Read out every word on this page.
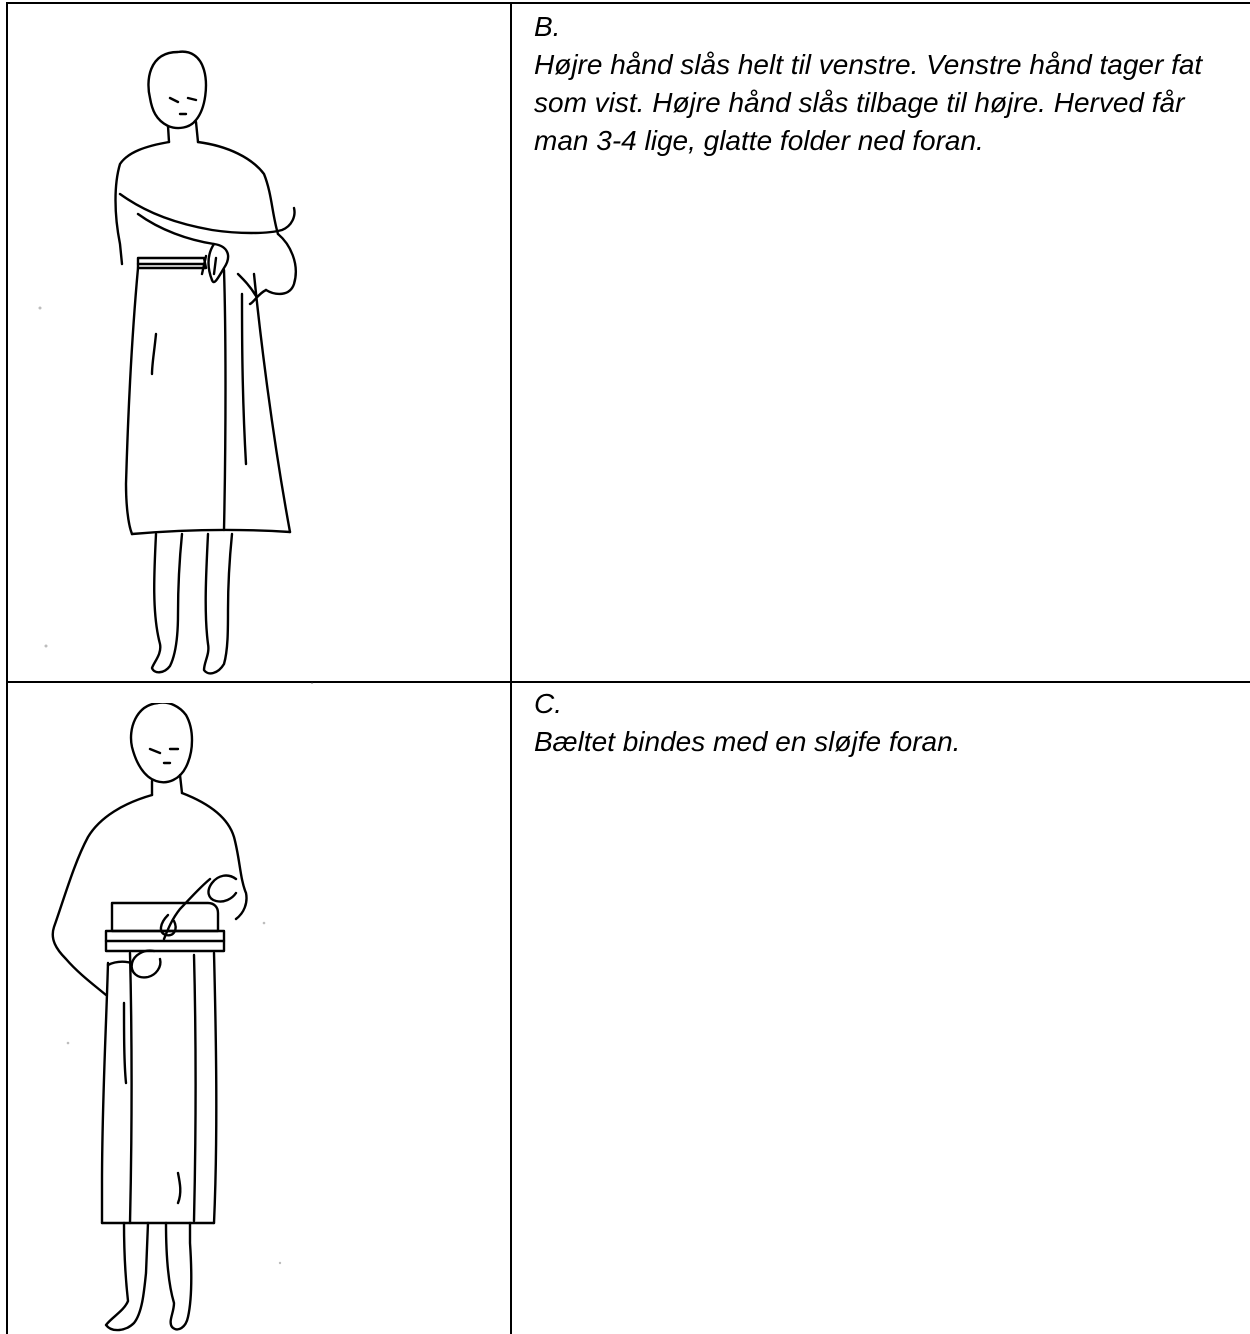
B.
Højre hånd slås helt til venstre. Venstre hånd tager fat som vist. Højre hånd slås tilbage til højre. Herved får man 3-4 lige, glatte folder ned foran.

C.
Bæltet bindes med en sløjfe foran.
